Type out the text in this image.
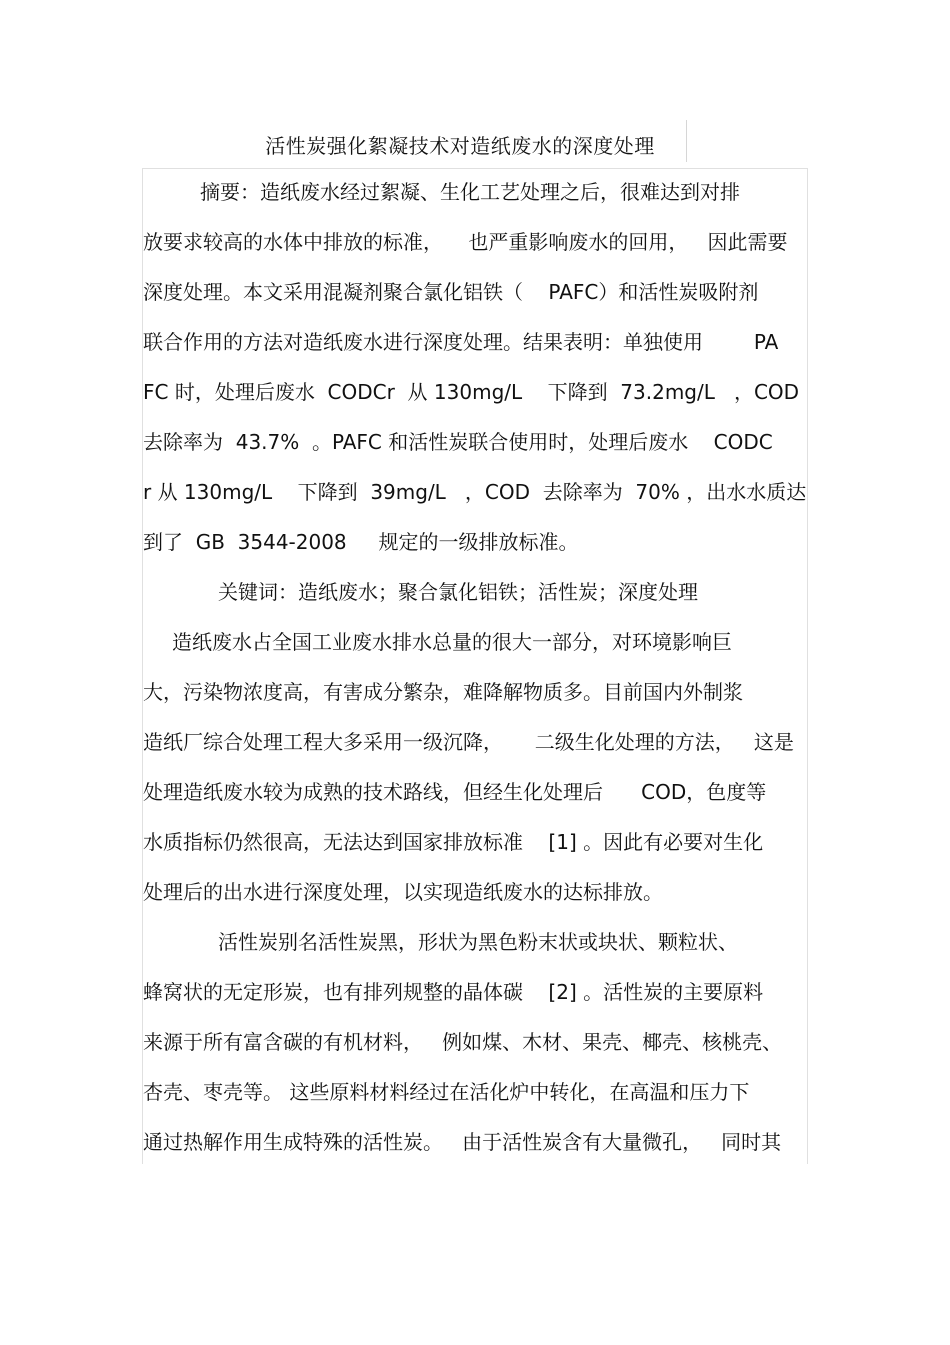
活性炭强化絮凝技术对造纸废水的深度处理
摘要：造纸废水经过絮凝、生化工艺处理之后，很难达到对排
放要求较高的水体中排放的标准，    也严重影响废水的回用，   因此需要
深度处理。本文采用混凝剂聚合氯化铝铁（    PAFC）和活性炭吸附剂
联合作用的方法对造纸废水进行深度处理。结果表明：单独使用        PA
FC 时，处理后废水  CODCr  从 130mg/L    下降到  73.2mg/L   ，COD
去除率为  43.7%  。PAFC 和活性炭联合使用时，处理后废水    CODC
r 从 130mg/L    下降到  39mg/L   ，COD  去除率为  70% ，出水水质达
到了  GB  3544-2008     规定的一级排放标准。
关键词：造纸废水；聚合氯化铝铁；活性炭；深度处理
造纸废水占全国工业废水排水总量的很大一部分，对环境影响巨
大，污染物浓度高，有害成分繁杂，难降解物质多。目前国内外制浆
造纸厂综合处理工程大多采用一级沉降，     二级生化处理的方法，   这是
处理造纸废水较为成熟的技术路线，但经生化处理后      COD，色度等
水质指标仍然很高，无法达到国家排放标准    [1] 。因此有必要对生化
处理后的出水进行深度处理，以实现造纸废水的达标排放。
活性炭别名活性炭黑，形状为黑色粉末状或块状、颗粒状、
蜂窝状的无定形炭，也有排列规整的晶体碳    [2] 。活性炭的主要原料
来源于所有富含碳的有机材料，   例如煤、木材、果壳、椰壳、核桃壳、
杏壳、枣壳等。 这些原料材料经过在活化炉中转化，在高温和压力下
通过热解作用生成特殊的活性炭。   由于活性炭含有大量微孔，   同时其
